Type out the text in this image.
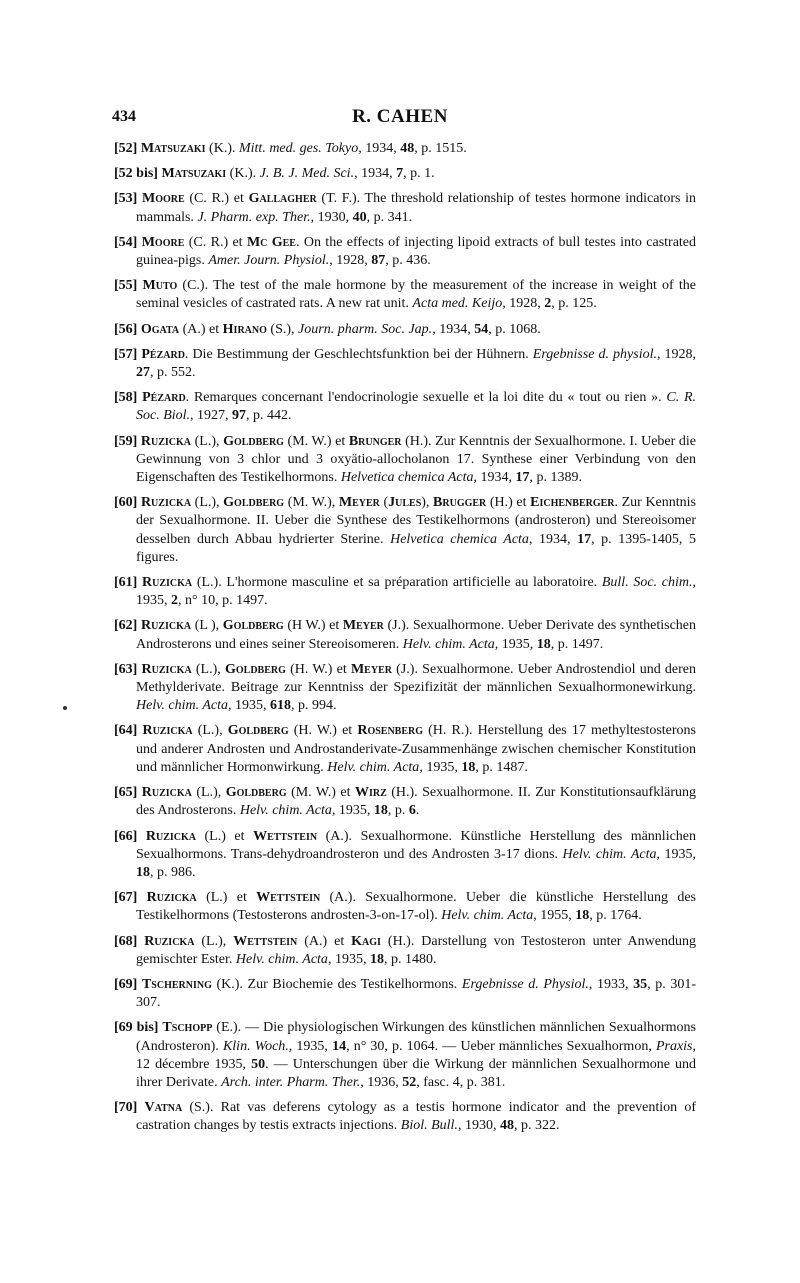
434	R. CAHEN
[52] Matsuzaki (K.). Mitt. med. ges. Tokyo, 1934, 48, p. 1515.
[52 bis] Matsuzaki (K.). J. B. J. Med. Sci., 1934, 7, p. 1.
[53] Moore (C. R.) et Gallagher (T. F.). The threshold relationship of testes hormone indicators in mammals. J. Pharm. exp. Ther., 1930, 40, p. 341.
[54] Moore (C. R.) et Mc Gee. On the effects of injecting lipoid extracts of bull testes into castrated guinea-pigs. Amer. Journ. Physiol., 1928, 87, p. 436.
[55] Muto (C.). The test of the male hormone by the measurement of the increase in weight of the seminal vesicles of castrated rats. A new rat unit. Acta med. Keijo, 1928, 2, p. 125.
[56] Ogata (A.) et Hirano (S.), Journ. pharm. Soc. Jap., 1934, 54, p. 1068.
[57] Pézard. Die Bestimmung der Geschlechtsfunktion bei der Hühnern. Ergebnisse d. physiol., 1928, 27, p. 552.
[58] Pézard. Remarques concernant l'endocrinologie sexuelle et la loi dite du « tout ou rien ». C. R. Soc. Biol., 1927, 97, p. 442.
[59] Ruzicka (L.), Goldberg (M. W.) et Brunger (H.). Zur Kenntnis der Sexualhormone. I. Ueber die Gewinnung von 3 chlor und 3 oxyätio-allocholanon 17. Synthese einer Verbindung von den Eigenschaften des Testikelhormons. Helvetica chemica Acta, 1934, 17, p. 1389.
[60] Ruzicka (L.), Goldberg (M. W.), Meyer (Jules), Brugger (H.) et Eichenberger. Zur Kenntnis der Sexualhormone. II. Ueber die Synthese des Testikelhormons (androsteron) und Stereoisomer desselben durch Abbau hydrierter Sterine. Helvetica chemica Acta, 1934, 17, p. 1395-1405, 5 figures.
[61] Ruzicka (L.). L'hormone masculine et sa préparation artificielle au laboratoire. Bull. Soc. chim., 1935, 2, n° 10, p. 1497.
[62] Ruzicka (L ), Goldberg (H W.) et Meyer (J.). Sexualhormone. Ueber Derivate des synthetischen Androsterons und eines seiner Stereoisomeren. Helv. chim. Acta, 1935, 18, p. 1497.
[63] Ruzicka (L.), Goldberg (H. W.) et Meyer (J.). Sexualhormone. Ueber Androstendiol und deren Methylderivate. Beitrage zur Kenntniss der Spezifizität der männlichen Sexualhormonewirkung. Helv. chim. Acta, 1935, 618, p. 994.
[64] Ruzicka (L.), Goldberg (H. W.) et Rosenberg (H. R.). Herstellung des 17 methyltestosterons und anderer Androsten und Androstanderivate-Zusammenhänge zwischen chemischer Konstitution und männlicher Hormonwirkung. Helv. chim. Acta, 1935, 18, p. 1487.
[65] Ruzicka (L.), Goldberg (M. W.) et Wirz (H.). Sexualhormone. II. Zur Konstitutionsaufklärung des Androsterons. Helv. chim. Acta, 1935, 18, p. 6.
[66] Ruzicka (L.) et Wettstein (A.). Sexualhormone. Künstliche Herstellung des männlichen Sexualhormons. Trans-dehydroandrosteron und des Androsten 3-17 dions. Helv. chim. Acta, 1935, 18, p. 986.
[67] Ruzicka (L.) et Wettstein (A.). Sexualhormone. Ueber die künstliche Herstellung des Testikelhormons (Testosterons androsten-3-on-17-ol). Helv. chim. Acta, 1955, 18, p. 1764.
[68] Ruzicka (L.), Wettstein (A.) et Kagi (H.). Darstellung von Testosteron unter Anwendung gemischter Ester. Helv. chim. Acta, 1935, 18, p. 1480.
[69] Tscherning (K.). Zur Biochemie des Testikelhormons. Ergebnisse d. Physiol., 1933, 35, p. 301-307.
[69 bis] Tschopp (E.). — Die physiologischen Wirkungen des künstlichen männlichen Sexualhormons (Androsteron). Klin. Woch., 1935, 14, n° 30, p. 1064. — Ueber männliches Sexualhormon, Praxis, 12 décembre 1935, 50. — Unterschungen über die Wirkung der männlichen Sexualhormone und ihrer Derivate. Arch. inter. Pharm. Ther., 1936, 52, fasc. 4, p. 381.
[70] Vatna (S.). Rat vas deferens cytology as a testis hormone indicator and the prevention of castration changes by testis extracts injections. Biol. Bull., 1930, 48, p. 322.
